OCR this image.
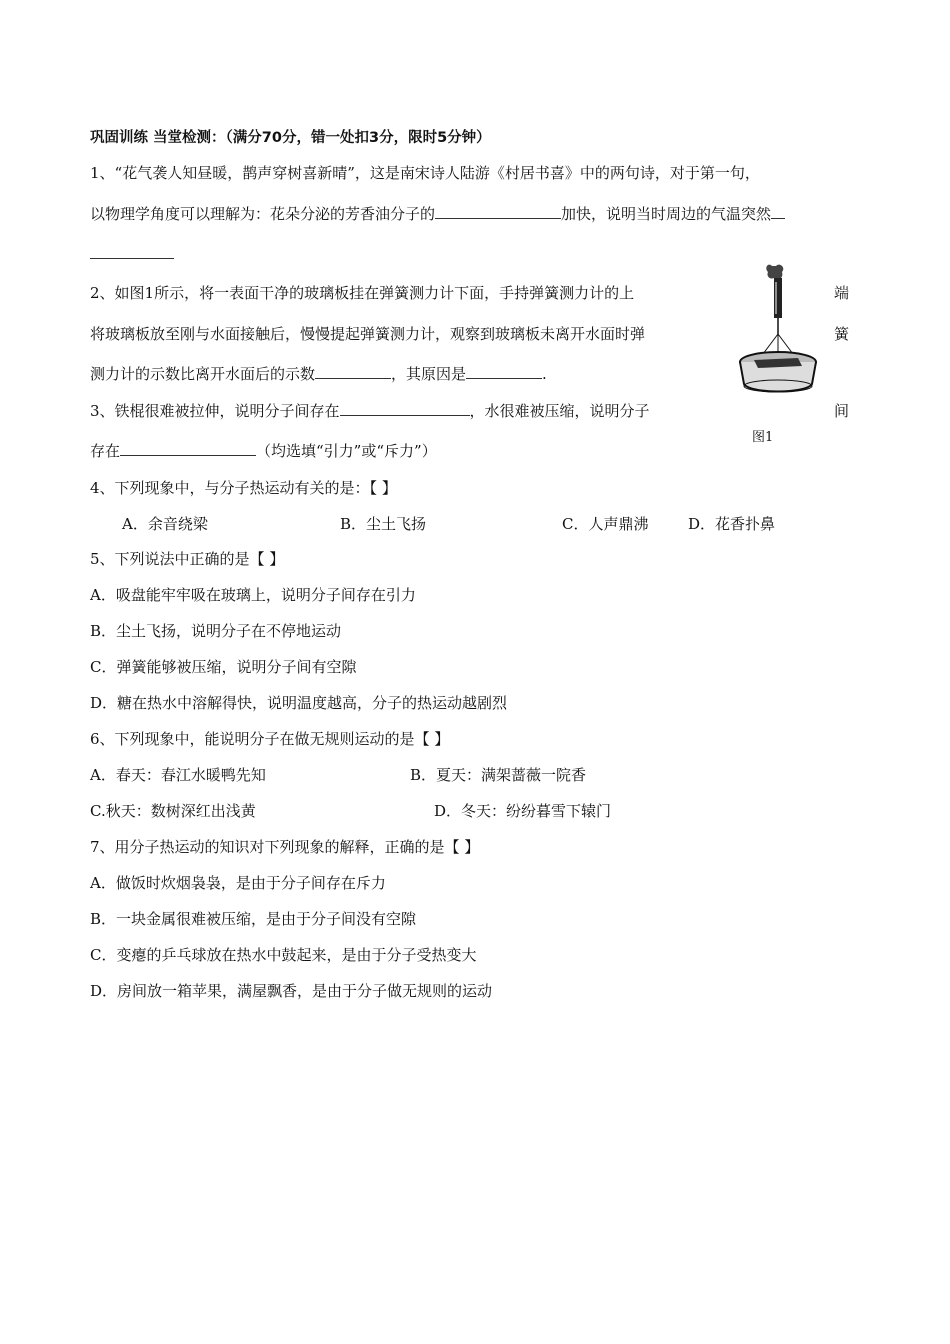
巩固训练 当堂检测：（满分70分，错一处扣3分，限时5分钟）
1、“花气袭人知昼暖，鹊声穿树喜新晴”，这是南宋诗人陆游《村居书喜》中的两句诗，对于第一句，
以物理学角度可以理解为：花朵分泌的芳香油分子的	加快，说明当时周边的气温突然
2、如图1所示，将一表面干净的玻璃板挂在弹簧测力计下面，手持弹簧测力计的上	端
将玻璃板放至刚与水面接触后，慢慢提起弹簧测力计，观察到玻璃板未离开水面时弹	簧
测力计的示数比离开水面后的示数	，其原因是	.
3、铁棍很难被拉伸，说明分子间存在	，水很难被压缩，说明分子	间
存在	（均选填“引力”或“斥力”）
图1
4、下列现象中，与分子热运动有关的是：【 】
A．余音绕梁	B．尘土飞扬	C．人声鼎沸	D．花香扑鼻
5、下列说法中正确的是【 】
A．吸盘能牢牢吸在玻璃上，说明分子间存在引力
B．尘土飞扬，说明分子在不停地运动
C．弹簧能够被压缩，说明分子间有空隙
D．糖在热水中溶解得快，说明温度越高，分子的热运动越剧烈
6、下列现象中，能说明分子在做无规则运动的是【 】
A．春天：春江水暖鸭先知	B．夏天：满架蔷薇一院香
C.秋天：数树深红出浅黄	D．冬天：纷纷暮雪下辕门
7、用分子热运动的知识对下列现象的解释，正确的是【 】
A．做饭时炊烟袅袅，是由于分子间存在斥力
B．一块金属很难被压缩，是由于分子间没有空隙
C．变瘪的乒乓球放在热水中鼓起来，是由于分子受热变大
D．房间放一箱苹果，满屋飘香，是由于分子做无规则的运动
